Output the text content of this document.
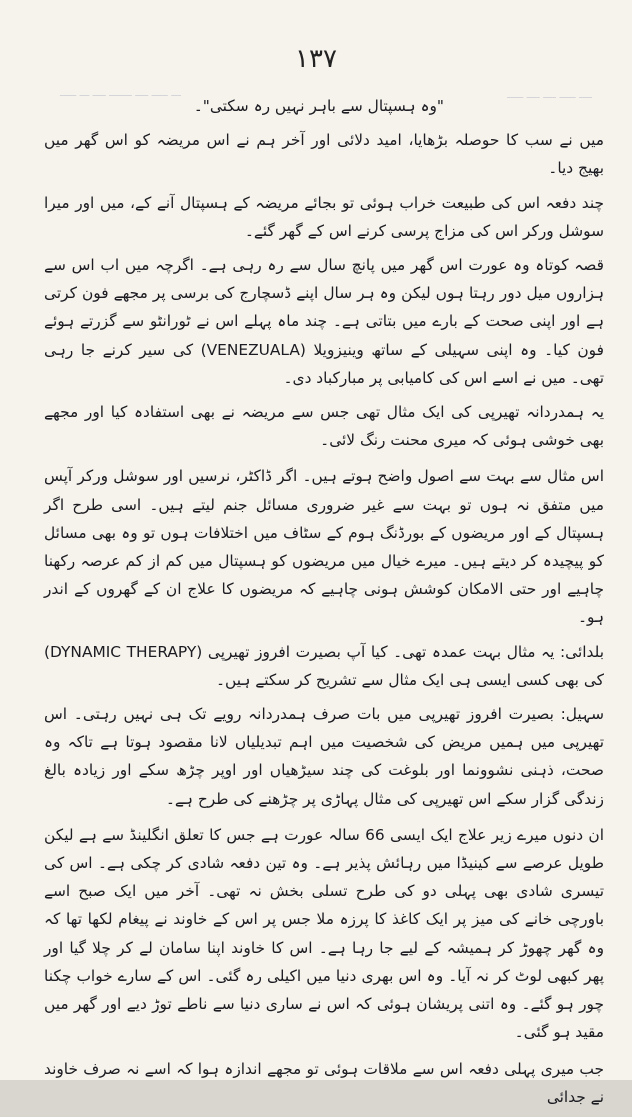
ـــ ـــــ ــــ ـــــــ ــــ ـــ ـــــ	ــــ ـــــ ــــ ــــ ـــــ
۱۳۷

"وہ ہسپتال سے باہر نہیں رہ سکتی"۔

میں نے سب کا حوصلہ بڑھایا، امید دلائی اور آخر ہم نے اس مریضہ کو اس گھر میں بھیج دیا۔

چند دفعہ اس کی طبیعت خراب ہوئی تو بجائے مریضہ کے ہسپتال آنے کے، میں اور میرا سوشل ورکر اس کی مزاج پرسی کرنے اس کے گھر گئے۔

قصہ کوتاہ وہ عورت اس گھر میں پانچ سال سے رہ رہی ہے۔ اگرچہ میں اب اس سے ہزاروں میل دور رہتا ہوں لیکن وہ ہر سال اپنے ڈسچارج کی برسی پر مجھے فون کرتی ہے اور اپنی صحت کے بارے میں بتاتی ہے۔ چند ماہ پہلے اس نے ٹورانٹو سے گزرتے ہوئے فون کیا۔ وہ اپنی سہیلی کے ساتھ وینیزویلا (VENEZUALA) کی سیر کرنے جا رہی تھی۔ میں نے اسے اس کی کامیابی پر مبارکباد دی۔

یہ ہمدردانہ تھیرپی کی ایک مثال تھی جس سے مریضہ نے بھی استفادہ کیا اور مجھے بھی خوشی ہوئی کہ میری محنت رنگ لائی۔

اس مثال سے بہت سے اصول واضح ہوتے ہیں۔ اگر ڈاکٹر، نرسیں اور سوشل ورکر آپس میں متفق نہ ہوں تو بہت سے غیر ضروری مسائل جنم لیتے ہیں۔ اسی طرح اگر ہسپتال کے اور مریضوں کے بورڈنگ ہوم کے سٹاف میں اختلافات ہوں تو وہ بھی مسائل کو پیچیدہ کر دیتے ہیں۔ میرے خیال میں مریضوں کو ہسپتال میں کم از کم عرصہ رکھنا چاہیے اور حتی الامکان کوشش ہونی چاہیے کہ مریضوں کا علاج ان کے گھروں کے اندر ہو۔

بلدائی: یہ مثال بہت عمدہ تھی۔ کیا آپ بصیرت افروز تھیرپی (DYNAMIC THERAPY) کی بھی کسی ایسی ہی ایک مثال سے تشریح کر سکتے ہیں۔

سہیل: بصیرت افروز تھیرپی میں بات صرف ہمدردانہ رویے تک ہی نہیں رہتی۔ اس تھیرپی میں ہمیں مریض کی شخصیت میں اہم تبدیلیاں لانا مقصود ہوتا ہے تاکہ وہ صحت، ذہنی نشوونما اور بلوغت کی چند سیڑھیاں اور اوپر چڑھ سکے اور زیادہ بالغ زندگی گزار سکے اس تھیرپی کی مثال پہاڑی پر چڑھنے کی طرح ہے۔

ان دنوں میرے زیر علاج ایک ایسی 66 سالہ عورت ہے جس کا تعلق انگلینڈ سے ہے لیکن طویل عرصے سے کینیڈا میں رہائش پذیر ہے۔ وہ تین دفعہ شادی کر چکی ہے۔ اس کی تیسری شادی بھی پہلی دو کی طرح تسلی بخش نہ تھی۔ آخر میں ایک صبح اسے باورچی خانے کی میز پر ایک کاغذ کا پرزہ ملا جس پر اس کے خاوند نے پیغام لکھا تھا کہ وہ گھر چھوڑ کر ہمیشہ کے لیے جا رہا ہے۔ اس کا خاوند اپنا سامان لے کر چلا گیا اور پھر کبھی لوٹ کر نہ آیا۔ وہ اس بھری دنیا میں اکیلی رہ گئی۔ اس کے سارے خواب چکنا چور ہو گئے۔ وہ اتنی پریشان ہوئی کہ اس نے ساری دنیا سے ناطے توڑ دیے اور گھر میں مقید ہو گئی۔

جب میری پہلی دفعہ اس سے ملاقات ہوئی تو مجھے اندازہ ہوا کہ اسے نہ صرف خاوند نے جدائی
